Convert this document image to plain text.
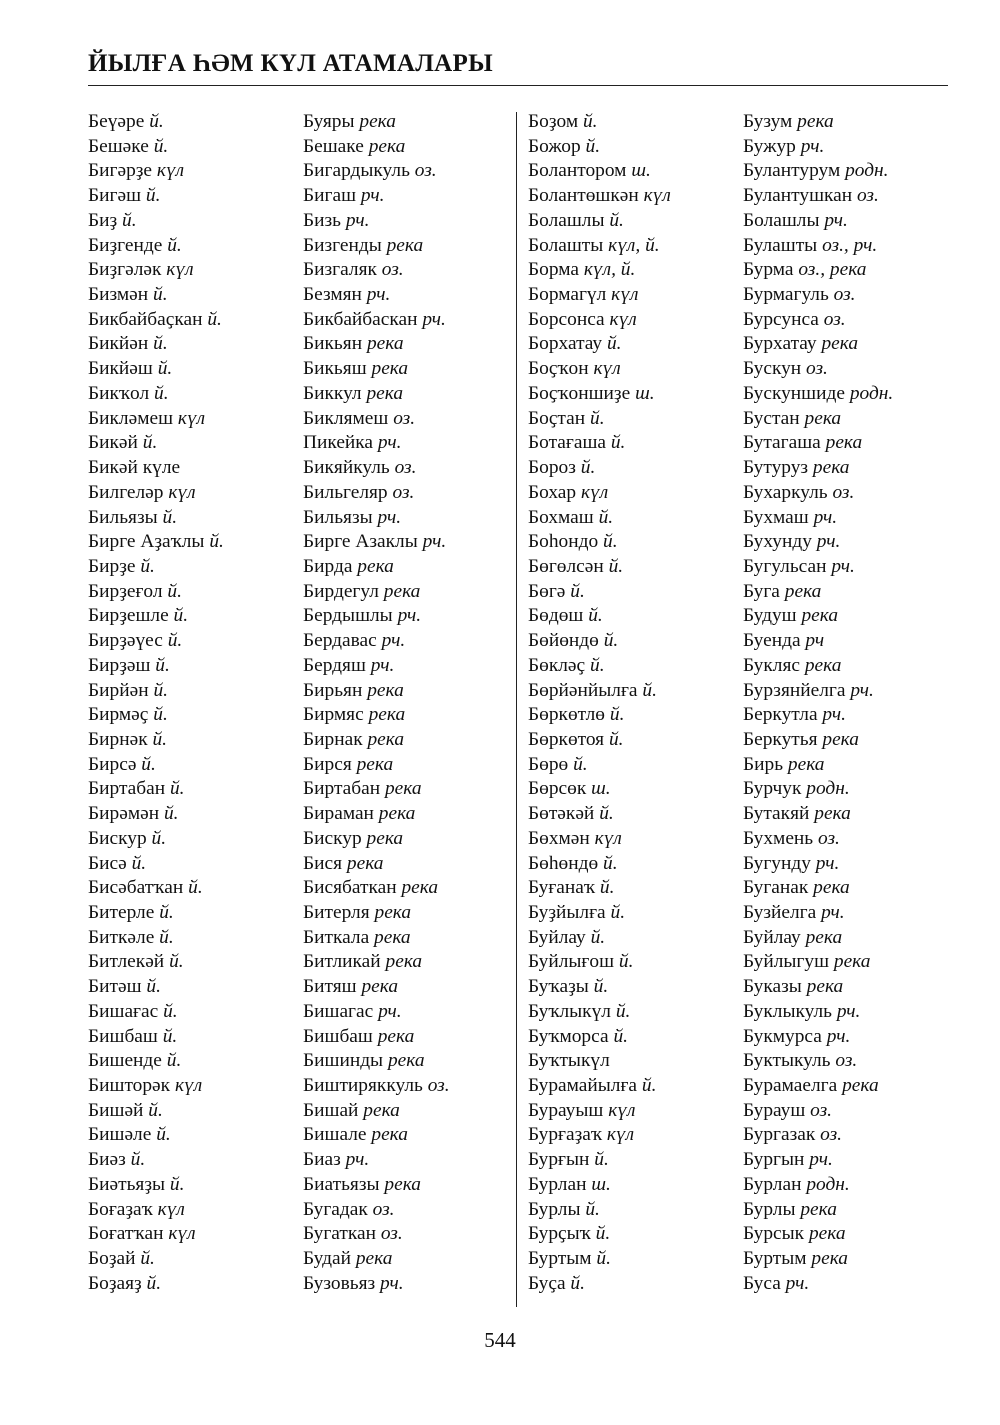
ЙЫЛҒА ҺӘМ КҮЛ АТАМАЛАРЫ
Беүәре й.
Бешәке й.
Бигәрҙе күл
Бигәш й.
Биҙ й.
Биҙгенде й.
Биҙгәләк күл
Бизмән й.
Бикбайбаҫкан й.
Бикйән й.
Бикйәш й.
Бикҡол й.
Бикләмеш күл
Бикәй й.
Бикәй күле
Билгеләр күл
Бильязы й.
Бирге Аҙаҡлы й.
Бирҙе й.
Бирҙеғол й.
Бирҙешле й.
Бирҙәүес й.
Бирҙәш й.
Бирйән й.
Бирмәҫ й.
Бирнәк й.
Бирсә й.
Биртабан й.
Бирәмән й.
Бискур й.
Бисә й.
Бисәбатҡан й.
Битерле й.
Биткәле й.
Битлекәй й.
Битәш й.
Бишағас й.
Бишбаш й.
Бишенде й.
Бишторәк күл
Бишәй й.
Бишәле й.
Биәз й.
Биәтьяҙы й.
Боғаҙаҡ күл
Боғатҡан күл
Боҙай й.
Боҙаяҙ й.
Буяры река
Бешаке река
Бигардыкуль оз.
Бигаш рч.
Бизь рч.
Бизгенды река
Бизгаляк оз.
Безмян рч.
Бикбайбаскан рч.
Бикьян река
Бикьяш река
Биккул река
Биклямеш оз.
Пикейка рч.
Бикяйкуль оз.
Бильгеляр оз.
Бильязы рч.
Бирге Азаклы рч.
Бирда река
Бирдегул река
Бердышлы рч.
Бердавас рч.
Бердяш рч.
Бирьян река
Бирмяс река
Бирнак река
Бирся река
Биртабан река
Бираман река
Бискур река
Бися река
Бисябаткан река
Битерля река
Биткала река
Битликай река
Битяш река
Бишагас рч.
Бишбаш река
Бишинды река
Биштиряккуль оз.
Бишай река
Бишале река
Биаз рч.
Биатьязы река
Бугадак оз.
Бугаткан оз.
Будай река
Бузовьяз рч.
Боҙом й.
Божор й.
Болантором ш.
Болантөшкән күл
Болашлы й.
Болашты күл, й.
Борма күл, й.
Бормагүл күл
Борсонса күл
Борхатау й.
Боҫҡон күл
Боҫҡоншиҙе ш.
Боҫтан й.
Ботағаша й.
Бороз й.
Бохар күл
Бохмаш й.
Боһондо й.
Бөгөлсән й.
Бөгә й.
Бөдөш й.
Бөйөндө й.
Бөкләҫ й.
Бөрйәнйылға й.
Бөркөтлө й.
Бөркөтоя й.
Бөрө й.
Бөрсөк ш.
Бөтәкәй й.
Бөхмән күл
Бөһөндө й.
Буғанаҡ й.
Буҙйылға й.
Буйлау й.
Буйлығош й.
Буҡаҙы й.
Буҡлыкүл й.
Буҡморса й.
Буҡтыкүл
Бурамайылға й.
Бурауыш күл
Бурғаҙаҡ күл
Бурғын й.
Бурлан ш.
Бурлы й.
Бурҫыҡ й.
Буртым й.
Буҫа й.
Бузум река
Бужур рч.
Булантурум родн.
Булантушкан оз.
Болашлы рч.
Булашты оз., рч.
Бурма оз., река
Бурмагуль оз.
Бурсунса оз.
Бурхатау река
Бускун оз.
Бускуншиде родн.
Бустан река
Бутагаша река
Бутуруз река
Бухаркуль оз.
Бухмаш рч.
Бухунду рч.
Бугульсан рч.
Буга река
Будуш река
Буенда рч
Букляс река
Бурзянйелга рч.
Беркутла рч.
Беркутья река
Бирь река
Бурчук родн.
Бутакяй река
Бухмень оз.
Бугунду рч.
Буганак река
Бузйелга рч.
Буйлау река
Буйлыгуш река
Буказы река
Буклыкуль рч.
Букмурса рч.
Буктыкуль оз.
Бурамаелга река
Бурауш оз.
Бургазак оз.
Бургын рч.
Бурлан родн.
Бурлы река
Бурсык река
Буртым река
Буса рч.
544
